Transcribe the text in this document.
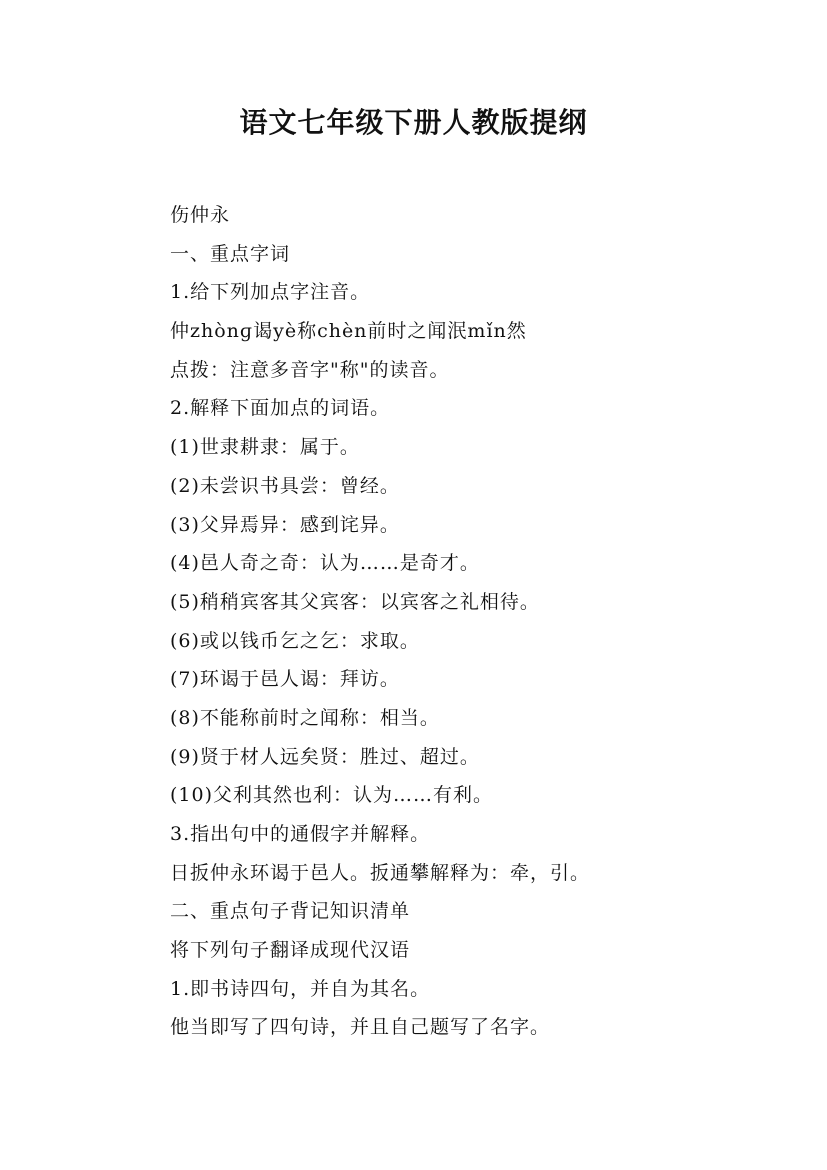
语文七年级下册人教版提纲
伤仲永
一、重点字词
1.给下列加点字注音。
仲zhònɡ谒yè称chèn前时之闻泯mǐn然
点拨：注意多音字"称"的读音。
2.解释下面加点的词语。
(1)世隶耕隶：属于。
(2)未尝识书具尝：曾经。
(3)父异焉异：感到诧异。
(4)邑人奇之奇：认为……是奇才。
(5)稍稍宾客其父宾客：以宾客之礼相待。
(6)或以钱币乞之乞：求取。
(7)环谒于邑人谒：拜访。
(8)不能称前时之闻称：相当。
(9)贤于材人远矣贤：胜过、超过。
(10)父利其然也利：认为……有利。
3.指出句中的通假字并解释。
日扳仲永环谒于邑人。扳通攀解释为：牵，引。
二、重点句子背记知识清单
将下列句子翻译成现代汉语
1.即书诗四句，并自为其名。
他当即写了四句诗，并且自己题写了名字。
